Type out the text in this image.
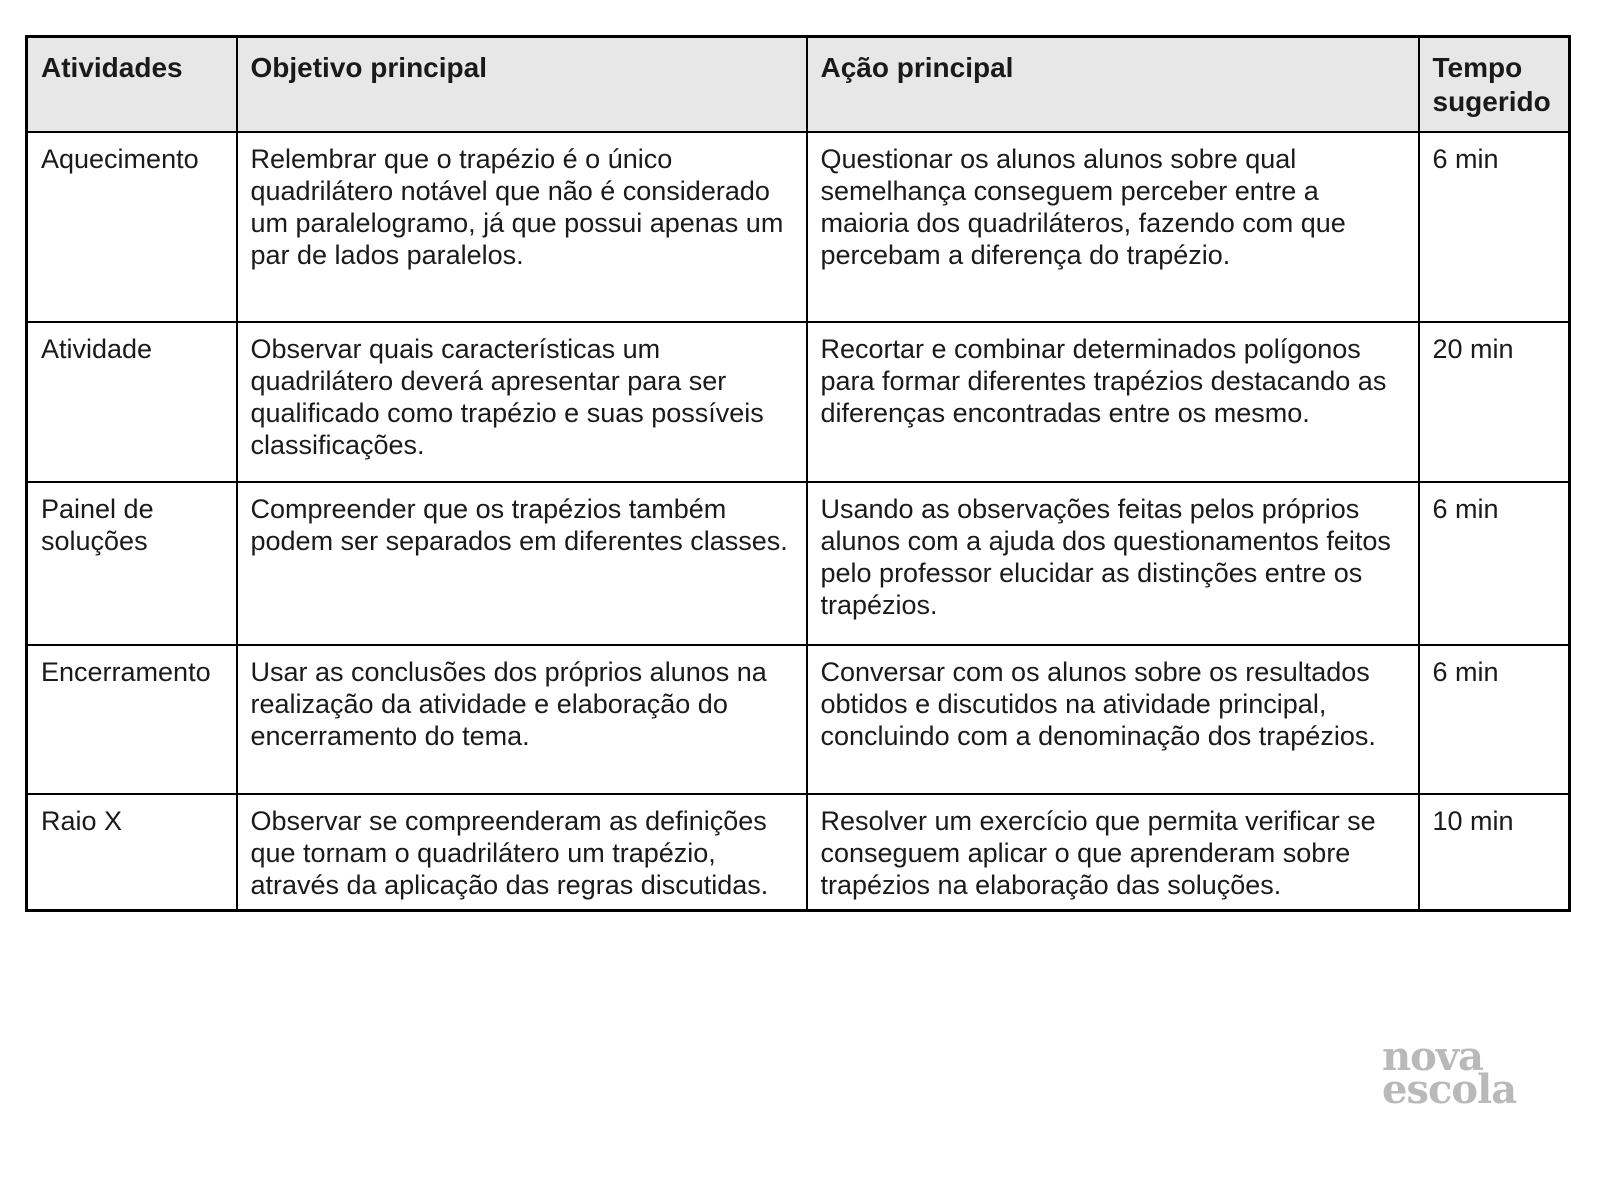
Atividades	Objetivo principal	Ação principal	Tempo sugerido
Aquecimento	Relembrar que o trapézio é o único quadrilátero notável que não é considerado um paralelogramo, já que possui apenas um par de lados paralelos.	Questionar os alunos alunos sobre qual semelhança conseguem perceber entre a maioria dos quadriláteros, fazendo com que percebam a diferença do trapézio.	6 min
Atividade	Observar quais características um quadrilátero deverá apresentar para ser qualificado como trapézio e suas possíveis classificações.	Recortar e combinar determinados polígonos para formar diferentes trapézios destacando as diferenças encontradas entre os mesmo.	20 min
Painel de soluções	Compreender que os trapézios também podem ser separados em diferentes classes.	Usando as observações feitas pelos próprios alunos com a ajuda dos questionamentos feitos pelo professor elucidar as distinções entre os trapézios.	6 min
Encerramento	Usar as conclusões dos próprios alunos na realização da atividade e elaboração do encerramento do tema.	Conversar com os alunos sobre os resultados obtidos e discutidos na atividade principal, concluindo com a denominação dos trapézios.	6 min
Raio X	Observar se compreenderam as definições que tornam o quadrilátero um trapézio, através da aplicação das regras discutidas.	Resolver um exercício que permita verificar se conseguem aplicar o que aprenderam sobre trapézios na elaboração das soluções.	10 min
nova
escola
